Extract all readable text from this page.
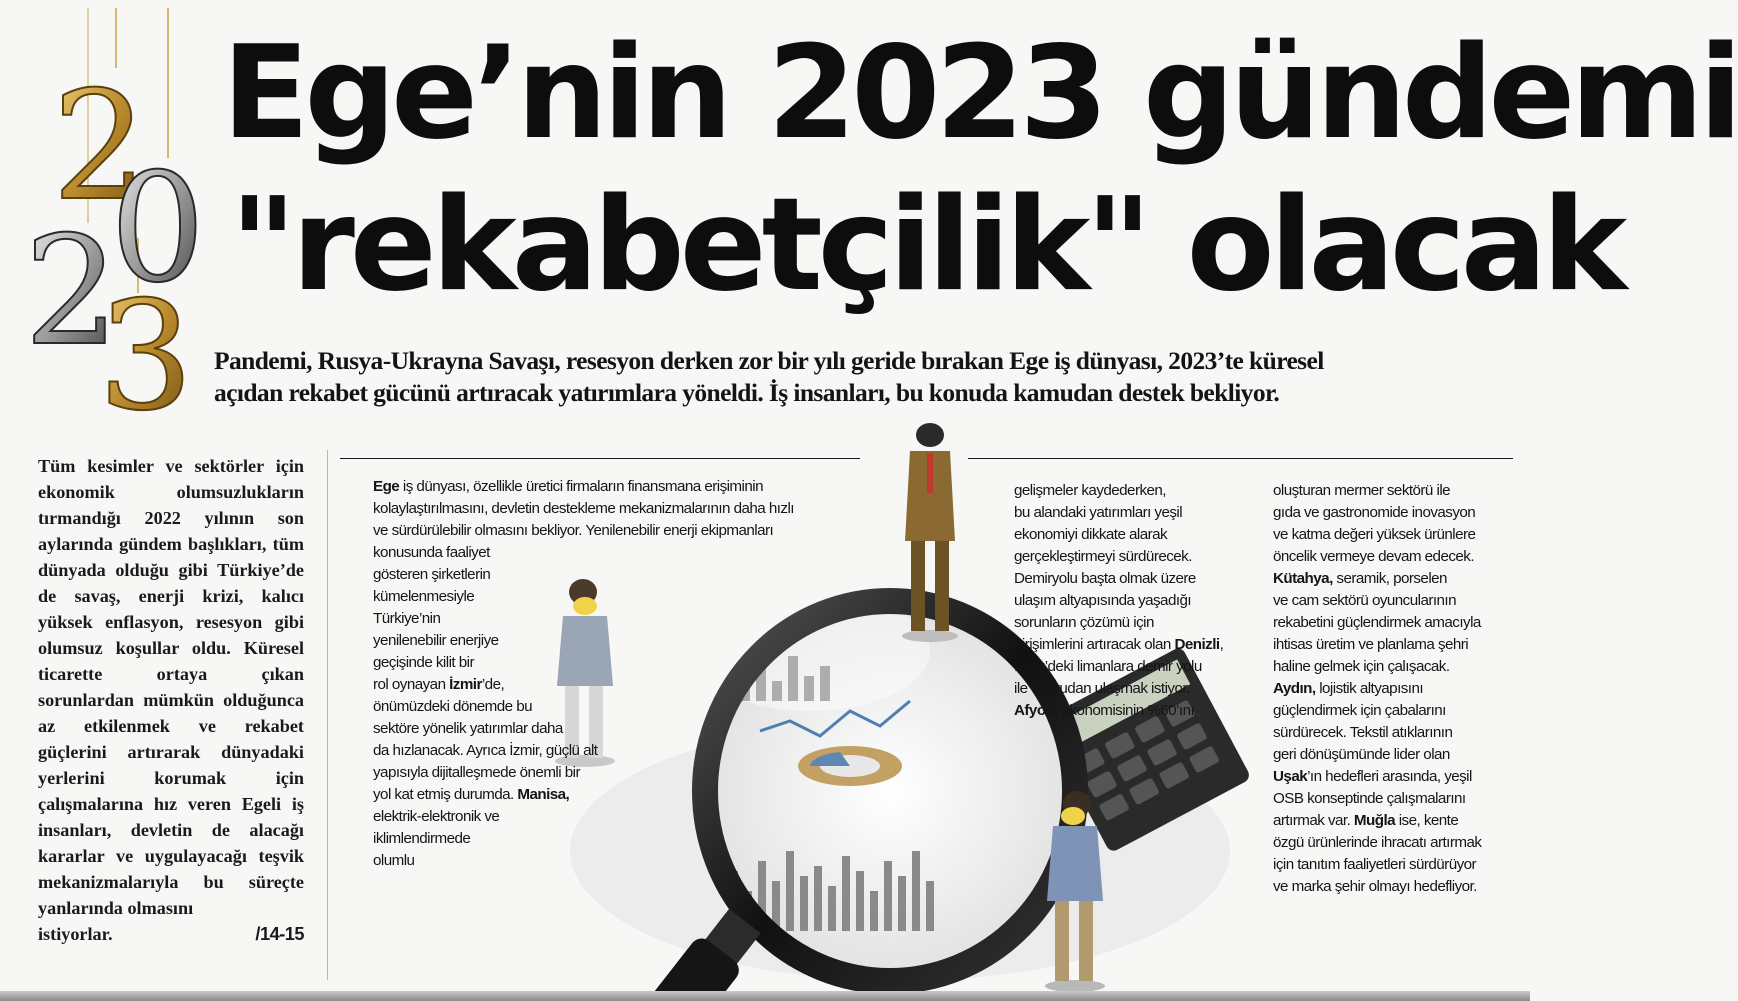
2
0
2
3
Ege’nin 2023 gündemi
"rekabetçilik" olacak

Pandemi, Rusya-Ukrayna Savaşı, resesyon derken zor bir yılı geride bırakan Ege iş dünyası, 2023’te küresel
açıdan rekabet gücünü artıracak yatırımlara yöneldi. İş insanları, bu konuda kamudan destek bekliyor.

Tüm kesimler ve sektörler için ekonomik olumsuzlukların tırmandığı 2022 yılının son aylarında gündem başlıkları, tüm dünyada olduğu gibi Türkiye’de de savaş, enerji krizi, kalıcı yüksek enflasyon, resesyon gibi olumsuz koşullar oldu. Küresel ticarette ortaya çıkan sorunlardan mümkün olduğunca az etkilenmek ve rekabet güçlerini artırarak dünyadaki yerlerini korumak için çalışmalarına hız veren Egeli iş insanları, devletin de alacağı kararlar ve uygulayacağı teşvik mekanizmalarıyla bu süreçte yanlarında olmasını
istiyorlar.	/14-15
Ege iş dünyası, özellikle üretici firmaların finansmana erişiminin
kolaylaştırılmasını, devletin destekleme mekanizmalarının daha hızlı
ve sürdürülebilir olmasını bekliyor. Yenilenebilir enerji ekipmanları
konusunda faaliyet
gösteren şirketlerin
kümelenmesiyle
Türkiye’nin
yenilenebilir enerjiye
geçişinde kilit bir
rol oynayan İzmir’de,
önümüzdeki dönemde bu
sektöre yönelik yatırımlar daha
da hızlanacak. Ayrıca İzmir, güçlü alt
yapısıyla dijitalleşmede önemli bir
yol kat etmiş durumda. Manisa,
elektrik-elektronik ve
iklimlendirmede
olumlu
gelişmeler kaydederken,
bu alandaki yatırımları yeşil
ekonomiyi dikkate alarak
gerçekleştirmeyi sürdürecek.
Demiryolu başta olmak üzere
ulaşım altyapısında yaşadığı
sorunların çözümü için
girişimlerini artıracak olan Denizli,
İzmir’deki limanlara demir yolu
ile doğrudan ulaşmak istiyor.
Afyon, ekonomisinin %60’ını
oluşturan mermer sektörü ile
gıda ve gastronomide inovasyon
ve katma değeri yüksek ürünlere
öncelik vermeye devam edecek.
Kütahya, seramik, porselen
ve cam sektörü oyuncularının
rekabetini güçlendirmek amacıyla
ihtisas üretim ve planlama şehri
haline gelmek için çalışacak.
Aydın, lojistik altyapısını
güçlendirmek için çabalarını
sürdürecek. Tekstil atıklarının
geri dönüşümünde lider olan
Uşak’ın hedefleri arasında, yeşil
OSB konseptinde çalışmalarını
artırmak var. Muğla ise, kente
özgü ürünlerinde ihracatı artırmak
için tanıtım faaliyetleri sürdürüyor
ve marka şehir olmayı hedefliyor.
